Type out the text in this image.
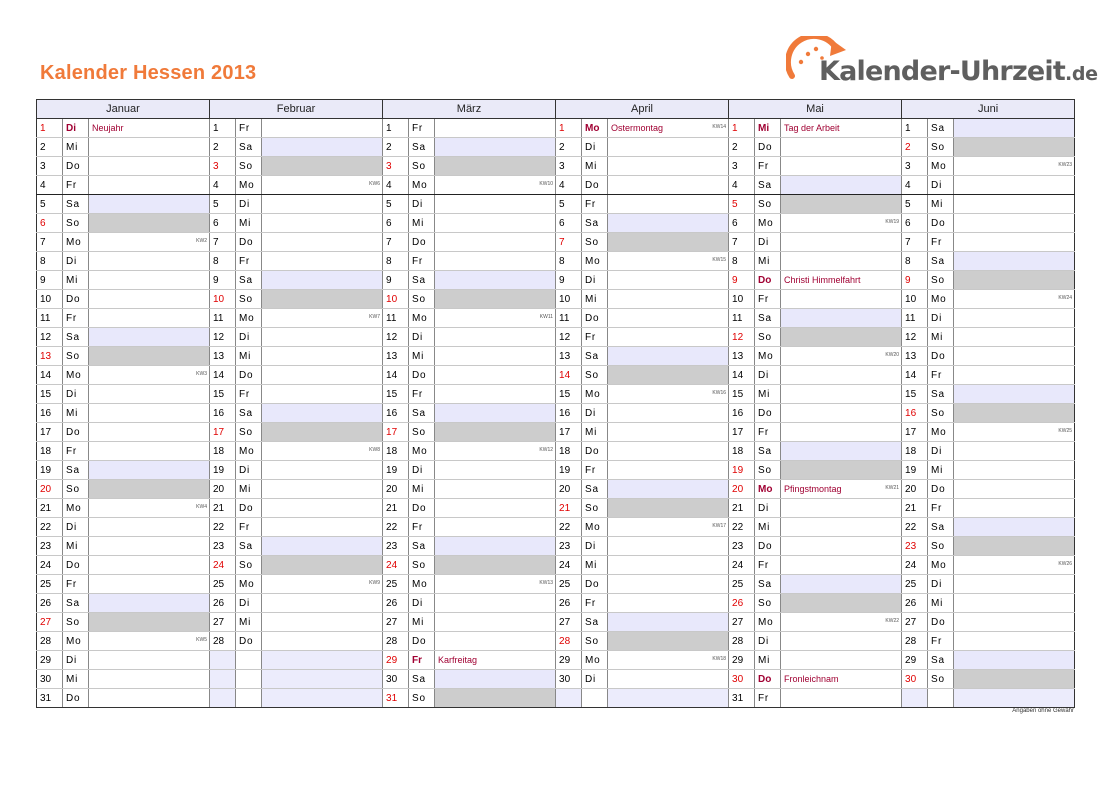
Kalender Hessen 2013	Kalender-Uhrzeit.de
Januar			Februar			März			April			Mai			Juni		
1	Di	Neujahr	1	Fr		1	Fr		1	Mo	Ostermontag KW14	1	Mi	Tag der Arbeit	1	Sa	
2	Mi		2	Sa		2	Sa		2	Di		2	Do		2	So	
3	Do		3	So		3	So		3	Mi		3	Fr		3	Mo	KW23

4	Fr		4	Mo	KW6	4	Mo	KW10	4	Do		4	Sa		4	Di	
5	Sa		5	Di		5	Di		5	Fr		5	So		5	Mi	
6	So		6	Mi		6	Mi		6	Sa		6	Mo	KW19	6	Do	
7	Mo	KW2	7	Do		7	Do		7	So		7	Di		7	Fr	
8	Di		8	Fr		8	Fr		8	Mo	KW15	8	Mi		8	Sa	
9	Mi		9	Sa		9	Sa		9	Di		9	Do	Christi Himmelfahrt	9	So	
10	Do		10	So		10	So		10	Mi		10	Fr		10	Mo	KW24

11	Fr		11	Mo	KW7	11	Mo	KW11	11	Do		11	Sa		11	Di	
12	Sa		12	Di		12	Di		12	Fr		12	So		12	Mi	
13	So		13	Mi		13	Mi		13	Sa		13	Mo	KW20	13	Do	
14	Mo	KW3	14	Do		14	Do		14	So		14	Di		14	Fr	
15	Di		15	Fr		15	Fr		15	Mo	KW16	15	Mi		15	Sa	
16	Mi		16	Sa		16	Sa		16	Di		16	Do		16	So	
17	Do		17	So		17	So		17	Mi		17	Fr		17	Mo	KW25

18	Fr		18	Mo	KW8	18	Mo	KW12	18	Do		18	Sa		18	Di	
19	Sa		19	Di		19	Di		19	Fr		19	So		19	Mi	
20	So		20	Mi		20	Mi		20	Sa		20	Mo	Pfingstmontag KW21	20	Do	
21	Mo	KW4	21	Do		21	Do		21	So		21	Di		21	Fr	
22	Di		22	Fr		22	Fr		22	Mo	KW17	22	Mi		22	Sa	
23	Mi		23	Sa		23	Sa		23	Di		23	Do		23	So	
24	Do		24	So		24	So		24	Mi		24	Fr		24	Mo	KW26

25	Fr		25	Mo	KW9	25	Mo	KW13	25	Do		25	Sa		25	Di	
26	Sa		26	Di		26	Di		26	Fr		26	So		26	Mi	
27	So		27	Mi		27	Mi		27	Sa		27	Mo	KW22	27	Do	
28	Mo	KW5	28	Do		28	Do		28	So		28	Di		28	Fr	
29	Di					29	Fr	Karfreitag	29	Mo	KW18	29	Mi		29	Sa	
30	Mi					30	Sa		30	Di		30	Do	Fronleichnam	30	So	
31	Do					31	So					31	Fr				
Angaben ohne Gewähr
